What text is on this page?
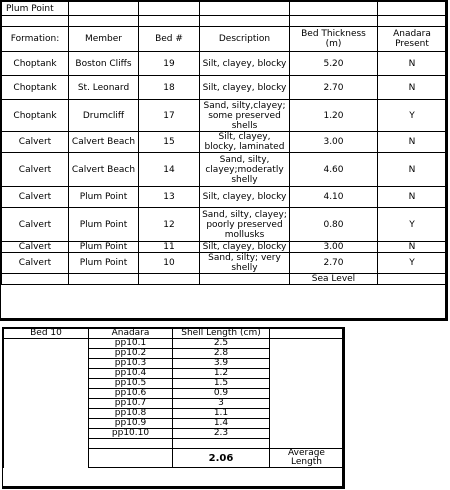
Plum Point					

Formation:	Member	Bed #	Description	Bed Thickness (m)	Anadara Present
Choptank	Boston Cliffs	19	Silt, clayey, blocky	5.20	N
Choptank	St. Leonard	18	Silt, clayey, blocky	2.70	N
Choptank	Drumcliff	17	Sand, silty,clayey; some preserved shells	1.20	Y
Calvert	Calvert Beach	15	Silt, clayey, blocky, laminated	3.00	N
Calvert	Calvert Beach	14	Sand, silty, clayey;moderatly shelly	4.60	N
Calvert	Plum Point	13	Silt, clayey, blocky	4.10	N
Calvert	Plum Point	12	Sand, silty, clayey; poorly preserved mollusks	0.80	Y
Calvert	Plum Point	11	Silt, clayey, blocky	3.00	N
Calvert	Plum Point	10	Sand, silty; very shelly	2.70	Y
				Sea Level	
Bed 10	Anadara	Shell Length (cm)	
	pp10.1	2.5	
	pp10.2	2.8	
	pp10.3	3.9	
	pp10.4	1.2	
	pp10.5	1.5	
	pp10.6	0.9	
	pp10.7	3	
	pp10.8	1.1	
	pp10.9	1.4	
	pp10.10	2.3	

		2.06	Average Length
